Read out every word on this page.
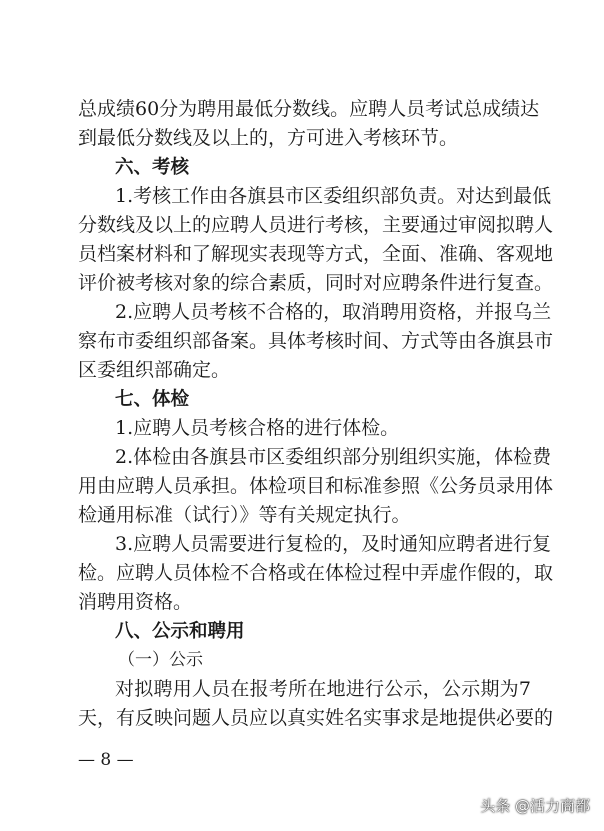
总成绩60分为聘用最低分数线。应聘人员考试总成绩达
到最低分数线及以上的，方可进入考核环节。
六、考核
1.考核工作由各旗县市区委组织部负责。对达到最低
分数线及以上的应聘人员进行考核，主要通过审阅拟聘人
员档案材料和了解现实表现等方式，全面、准确、客观地
评价被考核对象的综合素质，同时对应聘条件进行复查。
2.应聘人员考核不合格的，取消聘用资格，并报乌兰
察布市委组织部备案。具体考核时间、方式等由各旗县市
区委组织部确定。
七、体检
1.应聘人员考核合格的进行体检。
2.体检由各旗县市区委组织部分别组织实施，体检费
用由应聘人员承担。体检项目和标准参照《公务员录用体
检通用标准（试行）》等有关规定执行。
3.应聘人员需要进行复检的，及时通知应聘者进行复
检。应聘人员体检不合格或在体检过程中弄虚作假的，取
消聘用资格。
八、公示和聘用
（一）公示
对拟聘用人员在报考所在地进行公示，公示期为7
天，有反映问题人员应以真实姓名实事求是地提供必要的
— 8 —
头条 @活力商都
